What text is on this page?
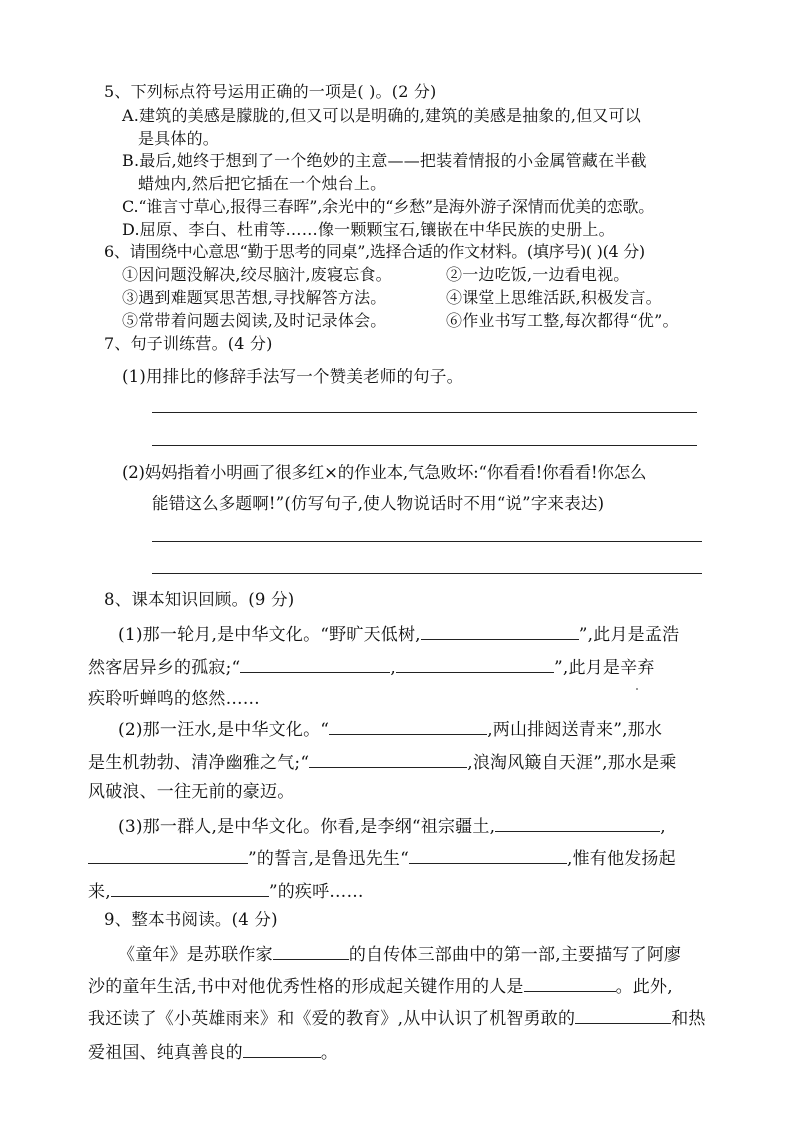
5、下列标点符号运用正确的一项是( )。(2 分)
A.建筑的美感是朦胧的,但又可以是明确的,建筑的美感是抽象的,但又可以
是具体的。
B.最后,她终于想到了一个绝妙的主意——把装着情报的小金属管藏在半截
蜡烛内,然后把它插在一个烛台上。
C.“谁言寸草心,报得三春晖”,余光中的“乡愁”是海外游子深情而优美的恋歌。
D.屈原、李白、杜甫等……像一颗颗宝石,镶嵌在中华民族的史册上。
6、请围绕中心意思“勤于思考的同桌”,选择合适的作文材料。(填序号)( )(4 分)
①因问题没解决,绞尽脑汁,废寝忘食。	②一边吃饭,一边看电视。
③遇到难题冥思苦想,寻找解答方法。	④课堂上思维活跃,积极发言。
⑤常带着问题去阅读,及时记录体会。	⑥作业书写工整,每次都得“优”。
7、句子训练营。(4 分)
(1)用排比的修辞手法写一个赞美老师的句子。
(2)妈妈指着小明画了很多红×的作业本,气急败坏:“你看看!你看看!你怎么
能错这么多题啊!”(仿写句子,使人物说话时不用“说”字来表达)
8、课本知识回顾。(9 分)
(1)那一轮月,是中华文化。“野旷天低树,	”,此月是孟浩
然客居异乡的孤寂;“	,	”,此月是辛弃
疾聆听蝉鸣的悠然……
(2)那一汪水,是中华文化。“	,两山排闼送青来”,那水
是生机勃勃、清净幽雅之气;“	,浪淘风簸自天涯”,那水是乘
风破浪、一往无前的豪迈。
(3)那一群人,是中华文化。你看,是李纲“祖宗疆土,	,
”的誓言,是鲁迅先生“	,惟有他发扬起
来,	”的疾呼……
9、整本书阅读。(4 分)
《童年》是苏联作家	的自传体三部曲中的第一部,主要描写了阿廖
沙的童年生活,书中对他优秀性格的形成起关键作用的人是	。此外,
我还读了《小英雄雨来》和《爱的教育》,从中认识了机智勇敢的	和热
爱祖国、纯真善良的	。
